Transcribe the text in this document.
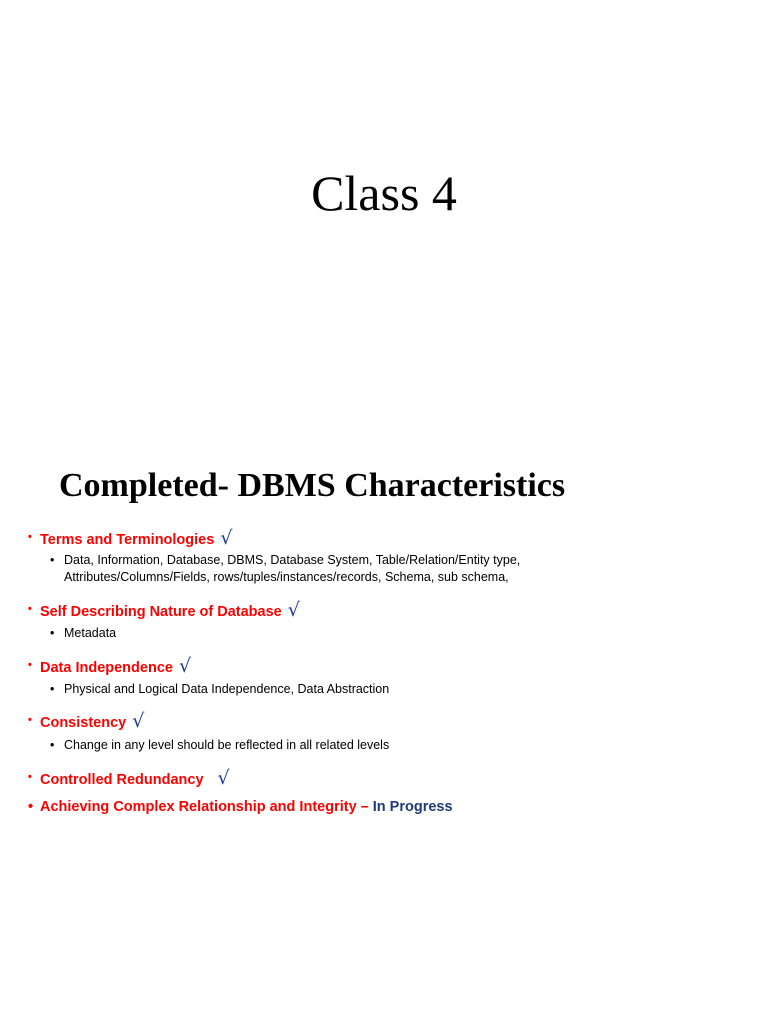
Class 4
Completed- DBMS Characteristics
• Terms and Terminologies √
• Data, Information, Database, DBMS, Database System, Table/Relation/Entity type, Attributes/Columns/Fields, rows/tuples/instances/records, Schema, sub schema,
• Self Describing Nature of Database √
• Metadata
• Data Independence √
• Physical and Logical Data Independence, Data Abstraction
• Consistency √
• Change in any level should be reflected in all related levels
• Controlled Redundancy √
• Achieving Complex Relationship and Integrity – In Progress
